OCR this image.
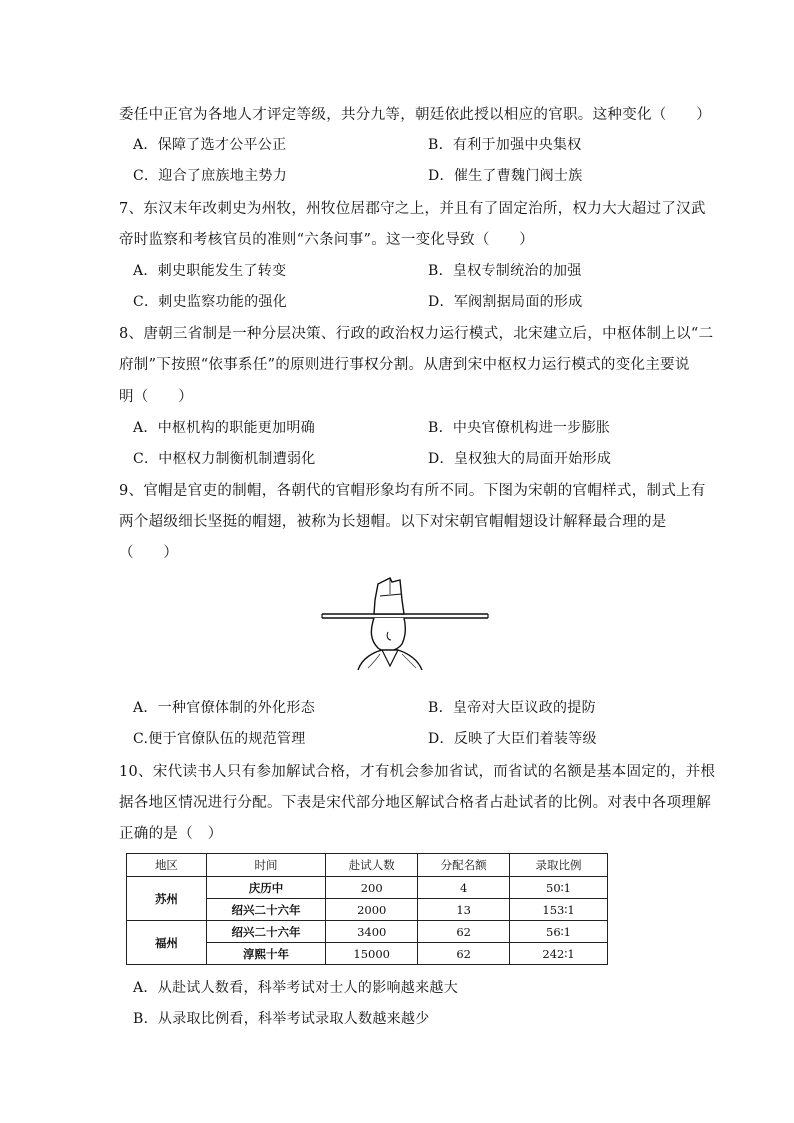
委任中正官为各地人才评定等级，共分九等，朝廷依此授以相应的官职。这种变化（　　）
A．保障了选才公平公正	B．有利于加强中央集权
C．迎合了庶族地主势力	D．催生了曹魏门阀士族
7、东汉末年改刺史为州牧，州牧位居郡守之上，并且有了固定治所，权力大大超过了汉武
帝时监察和考核官员的准则“六条问事”。这一变化导致（　　）
A．刺史职能发生了转变	B．皇权专制统治的加强
C．刺史监察功能的强化	D．军阀割据局面的形成
8、唐朝三省制是一种分层决策、行政的政治权力运行模式，北宋建立后，中枢体制上以“二
府制”下按照“依事系任”的原则进行事权分割。从唐到宋中枢权力运行模式的变化主要说
明（　　）
A．中枢机构的职能更加明确	B．中央官僚机构进一步膨胀
C．中枢权力制衡机制遭弱化	D．皇权独大的局面开始形成
9、官帽是官吏的制帽，各朝代的官帽形象均有所不同。下图为宋朝的官帽样式，制式上有
两个超级细长坚挺的帽翅，被称为长翅帽。以下对宋朝官帽帽翅设计解释最合理的是
（　　）
A．一种官僚体制的外化形态	B．皇帝对大臣议政的提防
C.便于官僚队伍的规范管理	D．反映了大臣们着装等级
10、宋代读书人只有参加解试合格，才有机会参加省试，而省试的名额是基本固定的，并根
据各地区情况进行分配。下表是宋代部分地区解试合格者占赴试者的比例。对表中各项理解
正确的是（　）
地区	时间	赴试人数	分配名额	录取比例
苏州	庆历中	200	4	50∶1
	绍兴二十六年	2000	13	153∶1
福州	绍兴二十六年	3400	62	56∶1
	淳熙十年	15000	62	242∶1
A．从赴试人数看，科举考试对士人的影响越来越大
B．从录取比例看，科举考试录取人数越来越少
